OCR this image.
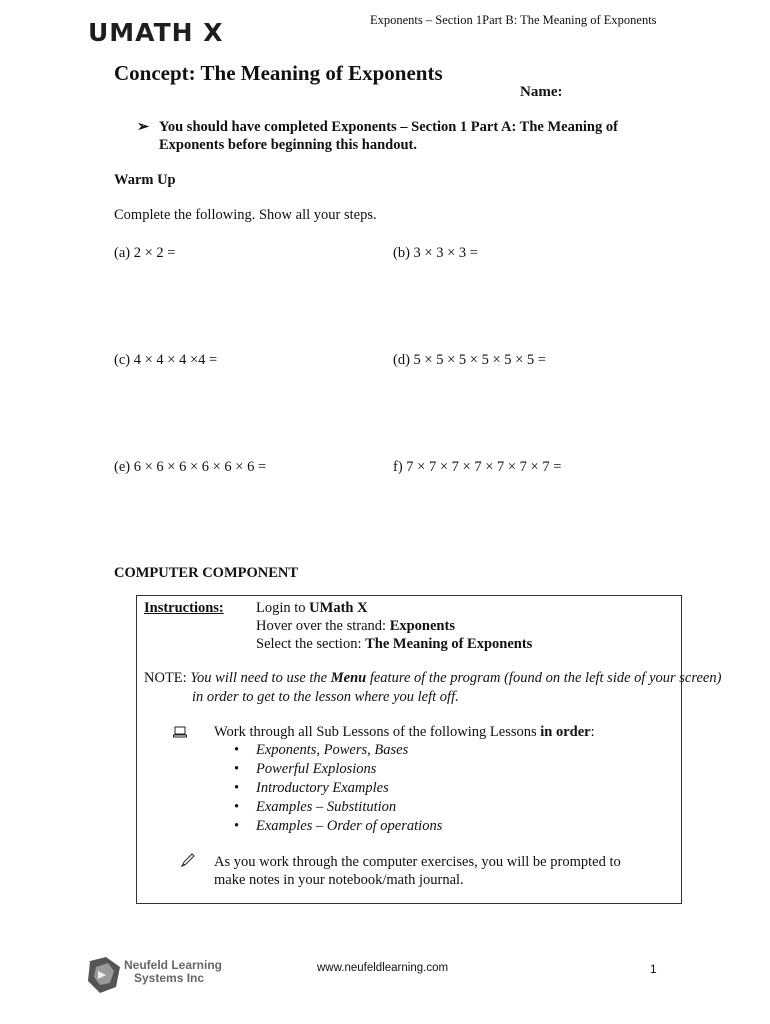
UMATH X	Exponents – Section 1Part B: The Meaning of Exponents
Concept: The Meaning of Exponents
Name:
➢ You should have completed Exponents – Section 1 Part A: The Meaning of Exponents before beginning this handout.
Warm Up
Complete the following. Show all your steps.
(a) 2 × 2 =	(b) 3 × 3 × 3 =
(c) 4 × 4 × 4 ×4 =	(d) 5 × 5 × 5 × 5 × 5 × 5 =
(e) 6 × 6 × 6 × 6 × 6 × 6 =	f) 7 × 7 × 7 × 7 × 7 × 7 × 7 =
COMPUTER COMPONENT
Instructions: Login to UMath X
Hover over the strand: Exponents
Select the section: The Meaning of Exponents
NOTE: You will need to use the Menu feature of the program (found on the left side of your screen) in order to get to the lesson where you left off.
Work through all Sub Lessons of the following Lessons in order:
• Exponents, Powers, Bases
• Powerful Explosions
• Introductory Examples
• Examples – Substitution
• Examples – Order of operations
As you work through the computer exercises, you will be prompted to make notes in your notebook/math journal.
Neufeld Learning
Systems Inc
www.neufeldlearning.com	1
